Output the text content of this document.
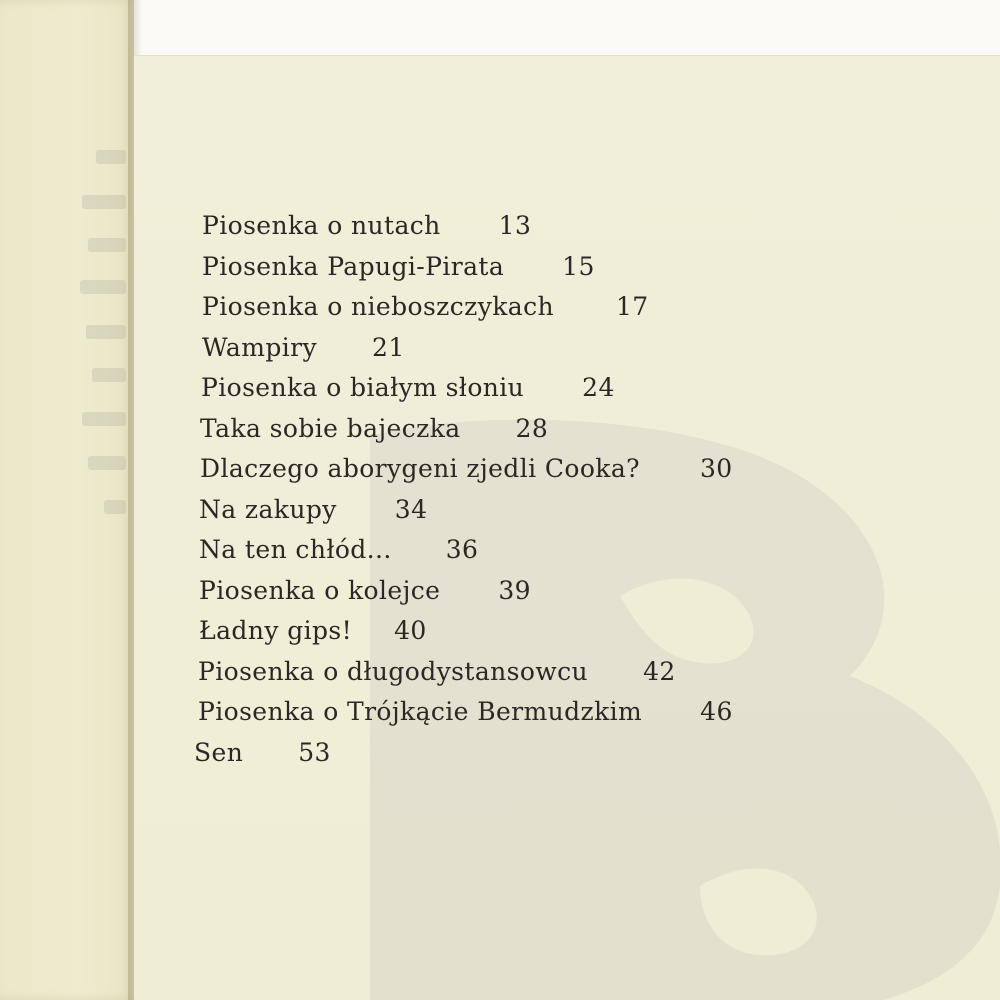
Piosenka o nutach 13
Piosenka Papugi-Pirata 15
Piosenka o nieboszczykach 17
Wampiry 21
Piosenka o białym słoniu 24
Taka sobie bajeczka 28
Dlaczego aborygeni zjedli Cooka? 30
Na zakupy 34
Na ten chłód... 36
Piosenka o kolejce 39
Ładny gips! 40
Piosenka o długodystansowcu 42
Piosenka o Trójkącie Bermudzkim 46
Sen 53
